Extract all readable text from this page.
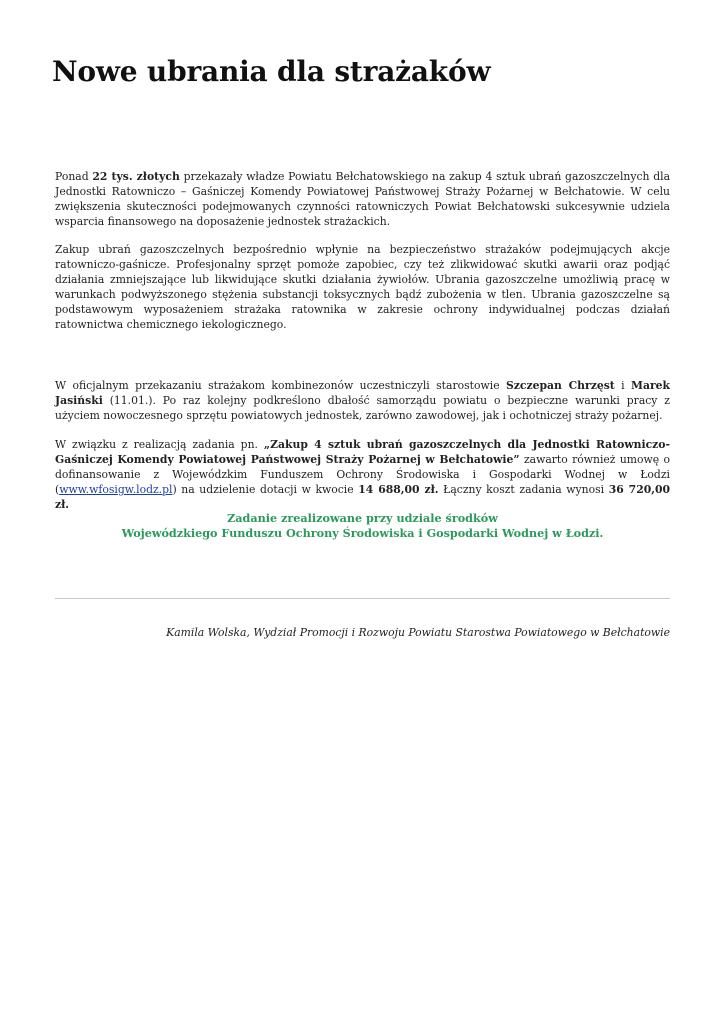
Nowe ubrania dla strażaków

Ponad 22 tys. złotych przekazały władze Powiatu Bełchatowskiego na zakup 4 sztuk ubrań gazoszczelnych dla Jednostki Ratowniczo – Gaśniczej Komendy Powiatowej Państwowej Straży Pożarnej w Bełchatowie. W celu zwiększenia skuteczności podejmowanych czynności ratowniczych Powiat Bełchatowski sukcesywnie udziela wsparcia finansowego na doposażenie jednostek strażackich.

Zakup ubrań gazoszczelnych bezpośrednio wpłynie na bezpieczeństwo strażaków podejmujących akcje ratowniczo-gaśnicze. Profesjonalny sprzęt pomoże zapobiec, czy też zlikwidować skutki awarii oraz podjąć działania zmniejszające lub likwidujące skutki działania żywiołów. Ubrania gazoszczelne umożliwią pracę w warunkach podwyższonego stężenia substancji toksycznych bądź zubożenia w tlen. Ubrania gazoszczelne są podstawowym wyposażeniem strażaka ratownika w zakresie ochrony indywidualnej podczas działań ratownictwa chemicznego iekologicznego.

W oficjalnym przekazaniu strażakom kombinezonów uczestniczyli starostowie Szczepan Chrzęst i Marek Jasiński (11.01.). Po raz kolejny podkreślono dbałość samorządu powiatu o bezpieczne warunki pracy z użyciem nowoczesnego sprzętu powiatowych jednostek, zarówno zawodowej, jak i ochotniczej straży pożarnej.

W związku z realizacją zadania pn. „Zakup 4 sztuk ubrań gazoszczelnych dla Jednostki Ratowniczo-Gaśniczej Komendy Powiatowej Państwowej Straży Pożarnej w Bełchatowie” zawarto również umowę o dofinansowanie z Wojewódzkim Funduszem Ochrony Środowiska i Gospodarki Wodnej w Łodzi (www.wfosigw.lodz.pl) na udzielenie dotacji w kwocie 14 688,00 zł. Łączny koszt zadania wynosi 36 720,00 zł.

Zadanie zrealizowane przy udziale środków
Wojewódzkiego Funduszu Ochrony Środowiska i Gospodarki Wodnej w Łodzi.
Kamila Wolska, Wydział Promocji i Rozwoju Powiatu Starostwa Powiatowego w Bełchatowie
